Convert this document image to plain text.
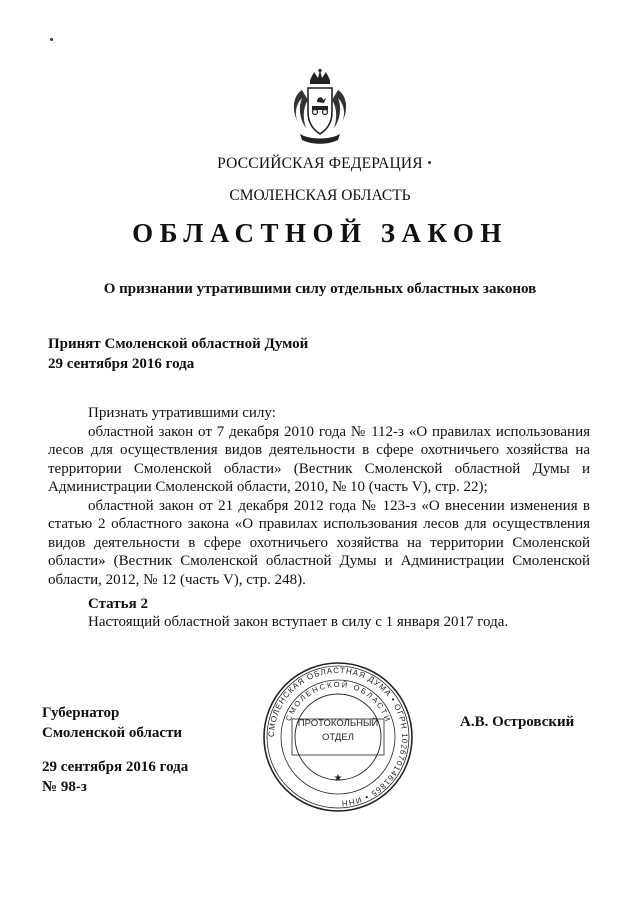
РОССИЙСКАЯ ФЕДЕРАЦИЯ
СМОЛЕНСКАЯ ОБЛАСТЬ
ОБЛАСТНОЙ ЗАКОН
О признании утратившими силу отдельных областных законов
Принят Смоленской областной Думой
29 сентября 2016 года

Признать утратившими силу:

областной закон от 7 декабря 2010 года № 112-з «О правилах использования лесов для осуществления видов деятельности в сфере охотничьего хозяйства на территории Смоленской области» (Вестник Смоленской областной Думы и Администрации Смоленской области, 2010, № 10 (часть V), стр. 22);

областной закон от 21 декабря 2012 года № 123-з «О внесении изменения в статью 2 областного закона «О правилах использования лесов для осуществления видов деятельности в сфере охотничьего хозяйства на территории Смоленской области» (Вестник Смоленской областной Думы и Администрации Смоленской области, 2012, № 12 (часть V), стр. 248).

Статья 2
Настоящий областной закон вступает в силу с 1 января 2017 года.
Губернатор
Смоленской области
29 сентября 2016 года
№ 98-з
А.В. Островский
СМОЛЕНСКАЯ ОБЛАСТНАЯ ДУМА • ОГРН 1026701461865 • ИНН
СМОЛЕНСКОЙ ОБЛАСТИ
★
ПРОТОКОЛЬНЫЙ
ОТДЕЛ
